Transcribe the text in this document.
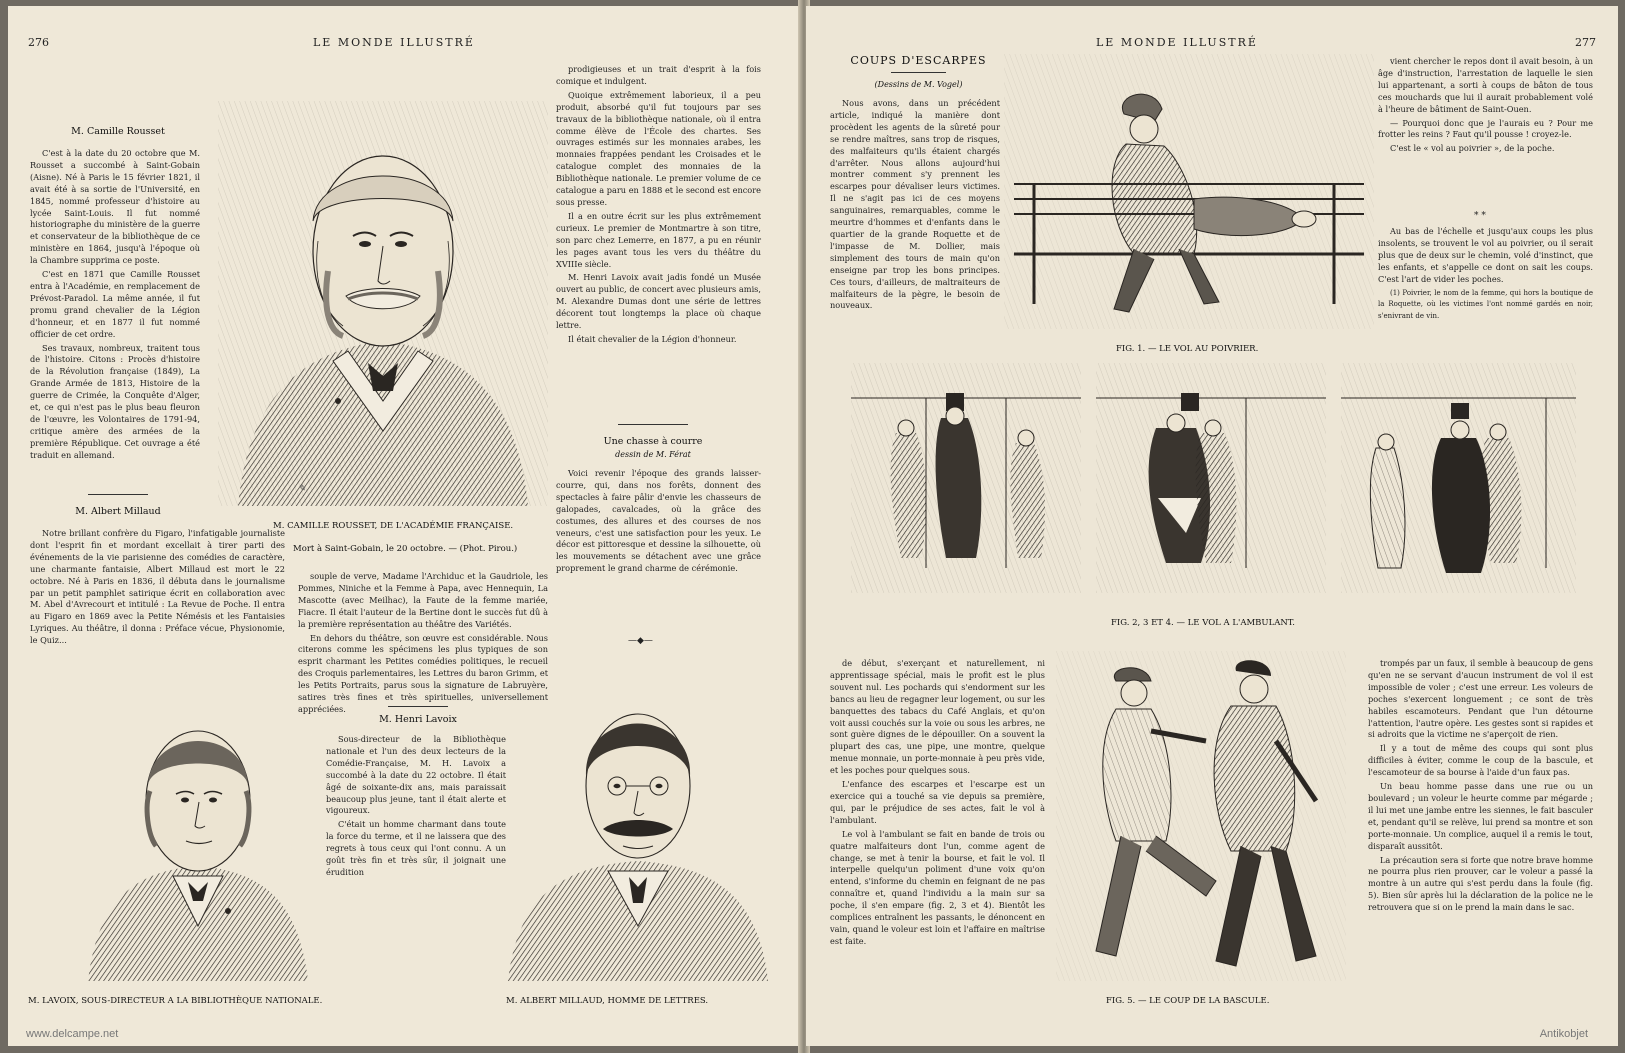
276	LE MONDE ILLUSTRÉ
M. Camille Rousset

C'est à la date du 20 octobre que M. Rousset a succombé à Saint-Gobain (Aisne). Né à Paris le 15 février 1821, il avait été à sa sortie de l'Université, en 1845, nommé professeur d'histoire au lycée Saint-Louis. Il fut nommé historiographe du ministère de la guerre et conservateur de la bibliothèque de ce ministère en 1864, jusqu'à l'époque où la Chambre supprima ce poste.

C'est en 1871 que Camille Rousset entra à l'Académie, en remplacement de Prévost-Paradol. La même année, il fut promu grand chevalier de la Légion d'honneur, et en 1877 il fut nommé officier de cet ordre.

Ses travaux, nombreux, traitent tous de l'histoire. Citons : Procès d'histoire de la Révolution française (1849), La Grande Armée de 1813, Histoire de la guerre de Crimée, la Conquête d'Alger, et, ce qui n'est pas le plus beau fleuron de l'œuvre, les Volontaires de 1791-94, critique amère des armées de la première République. Cet ouvrage a été traduit en allemand.

M. Albert Millaud

Notre brillant confrère du Figaro, l'infatigable journaliste dont l'esprit fin et mordant excellait à tirer parti des événements de la vie parisienne des comédies de caractère, une charmante fantaisie, Albert Millaud est mort le 22 octobre. Né à Paris en 1836, il débuta dans le journalisme par un petit pamphlet satirique écrit en collaboration avec M. Abel d'Avrecourt et intitulé : La Revue de Poche. Il entra au Figaro en 1869 avec la Petite Némésis et les Fantaisies Lyriques. Au théâtre, il donna : Préface vécue, Physionomie, le Quiz...

✎
M. CAMILLE ROUSSET, DE L'ACADÉMIE FRANÇAISE.
Mort à Saint-Gobain, le 20 octobre. — (Phot. Pirou.)

prodigieuses et un trait d'esprit à la fois comique et indulgent.

Quoique extrêmement laborieux, il a peu produit, absorbé qu'il fut toujours par ses travaux de la bibliothèque nationale, où il entra comme élève de l'École des chartes. Ses ouvrages estimés sur les monnaies arabes, les monnaies frappées pendant les Croisades et le catalogue complet des monnaies de la Bibliothèque nationale. Le premier volume de ce catalogue a paru en 1888 et le second est encore sous presse.

Il a en outre écrit sur les plus extrêmement curieux. Le premier de Montmartre à son titre, son parc chez Lemerre, en 1877, a pu en réunir les pages avant tous les vers du théâtre du XVIIIe siècle.

M. Henri Lavoix avait jadis fondé un Musée ouvert au public, de concert avec plusieurs amis, M. Alexandre Dumas dont une série de lettres décorent tout longtemps la place où chaque lettre.

Il était chevalier de la Légion d'honneur.

Une chasse à courre
dessin de M. Férat

Voici revenir l'époque des grands laisser-courre, qui, dans nos forêts, donnent des spectacles à faire pâlir d'envie les chasseurs de galopades, cavalcades, où la grâce des costumes, des allures et des courses de nos veneurs, c'est une satisfaction pour les yeux. Le décor est pittoresque et dessine la silhouette, où les mouvements se détachent avec une grâce proprement le grand charme de cérémonie.

—◆—

souple de verve, Madame l'Archiduc et la Gaudriole, les Pommes, Niniche et la Femme à Papa, avec Hennequin, La Mascotte (avec Meilhac), la Faute de la femme mariée, Fiacre. Il était l'auteur de la Bertine dont le succès fut dû à la première représentation au théâtre des Variétés.

En dehors du théâtre, son œuvre est considérable. Nous citerons comme les spécimens les plus typiques de son esprit charmant les Petites comédies politiques, le recueil des Croquis parlementaires, les Lettres du baron Grimm, et les Petits Portraits, parus sous la signature de Labruyère, satires très fines et très spirituelles, universellement appréciées.

M. Henri Lavoix

Sous-directeur de la Bibliothèque nationale et l'un des deux lecteurs de la Comédie-Française, M. H. Lavoix a succombé à la date du 22 octobre. Il était âgé de soixante-dix ans, mais paraissait beaucoup plus jeune, tant il était alerte et vigoureux.

C'était un homme charmant dans toute la force du terme, et il ne laissera que des regrets à tous ceux qui l'ont connu. A un goût très fin et très sûr, il joignait une érudition

M. LAVOIX, SOUS-DIRECTEUR A LA BIBLIOTHÈQUE NATIONALE.	M. ALBERT MILLAUD, HOMME DE LETTRES.
www.delcampe.net
LE MONDE ILLUSTRÉ	277
COUPS D'ESCARPES
(Dessins de M. Vogel)

Nous avons, dans un précédent article, indiqué la manière dont procèdent les agents de la sûreté pour se rendre maîtres, sans trop de risques, des malfaiteurs qu'ils étaient chargés d'arrêter. Nous allons aujourd'hui montrer comment s'y prennent les escarpes pour dévaliser leurs victimes. Il ne s'agit pas ici de ces moyens sanguinaires, remarquables, comme le meurtre d'hommes et d'enfants dans le quartier de la grande Roquette et de l'impasse de M. Dollier, mais simplement des tours de main qu'on enseigne par trop les bons principes. Ces tours, d'ailleurs, de maltraiteurs de malfaiteurs de la pègre, le besoin de nouveaux.

vient chercher le repos dont il avait besoin, à un âge d'instruction, l'arrestation de laquelle le sien lui appartenant, a sorti à coups de bâton de tous ces mouchards que lui il aurait probablement volé à l'heure de bâtiment de Saint-Ouen.

— Pourquoi donc que je l'aurais eu ? Pour me frotter les reins ? Faut qu'il pousse ! croyez-le.

C'est le « vol au poivrier », de la poche.

* *

Au bas de l'échelle et jusqu'aux coups les plus insolents, se trouvent le vol au poivrier, ou il serait plus que de deux sur le chemin, volé d'instinct, que les enfants, et s'appelle ce dont on sait les coups. C'est l'art de vider les poches.

(1) Poivrier, le nom de la femme, qui hors la boutique de la Roquette, où les victimes l'ont nommé gardés en noir, s'enivrant de vin.

FIG. 1. — LE VOL AU POIVRIER.
FIG. 2, 3 ET 4. — LE VOL A L'AMBULANT.
FIG. 5. — LE COUP DE LA BASCULE.

de début, s'exerçant et naturellement, ni apprentissage spécial, mais le profit est le plus souvent nul. Les pochards qui s'endorment sur les bancs au lieu de regagner leur logement, ou sur les banquettes des tabacs du Café Anglais, et qu'on voit aussi couchés sur la voie ou sous les arbres, ne sont guère dignes de le dépouiller. On a souvent la plupart des cas, une pipe, une montre, quelque menue monnaie, un porte-monnaie à peu près vide, et les poches pour quelques sous.

L'enfance des escarpes et l'escarpe est un exercice qui a touché sa vie depuis sa première, qui, par le préjudice de ses actes, fait le vol à l'ambulant.

Le vol à l'ambulant se fait en bande de trois ou quatre malfaiteurs dont l'un, comme agent de change, se met à tenir la bourse, et fait le vol. Il interpelle quelqu'un poliment d'une voix qu'on entend, s'informe du chemin en feignant de ne pas connaître et, quand l'individu a la main sur sa poche, il s'en empare (fig. 2, 3 et 4). Bientôt les complices entraînent les passants, le dénoncent en vain, quand le voleur est loin et l'affaire en maîtrise est faite.

trompés par un faux, il semble à beaucoup de gens qu'en ne se servant d'aucun instrument de vol il est impossible de voler ; c'est une erreur. Les voleurs de poches s'exercent longuement ; ce sont de très habiles escamoteurs. Pendant que l'un détourne l'attention, l'autre opère. Les gestes sont si rapides et si adroits que la victime ne s'aperçoit de rien.

Il y a tout de même des coups qui sont plus difficiles à éviter, comme le coup de la bascule, et l'escamoteur de sa bourse à l'aide d'un faux pas.

Un beau homme passe dans une rue ou un boulevard ; un voleur le heurte comme par mégarde ; il lui met une jambe entre les siennes, le fait basculer et, pendant qu'il se relève, lui prend sa montre et son porte-monnaie. Un complice, auquel il a remis le tout, disparaît aussitôt.

La précaution sera si forte que notre brave homme ne pourra plus rien prouver, car le voleur a passé la montre à un autre qui s'est perdu dans la foule (fig. 5). Bien sûr après lui la déclaration de la police ne le retrouvera que si on le prend la main dans le sac.

Antikobjet
